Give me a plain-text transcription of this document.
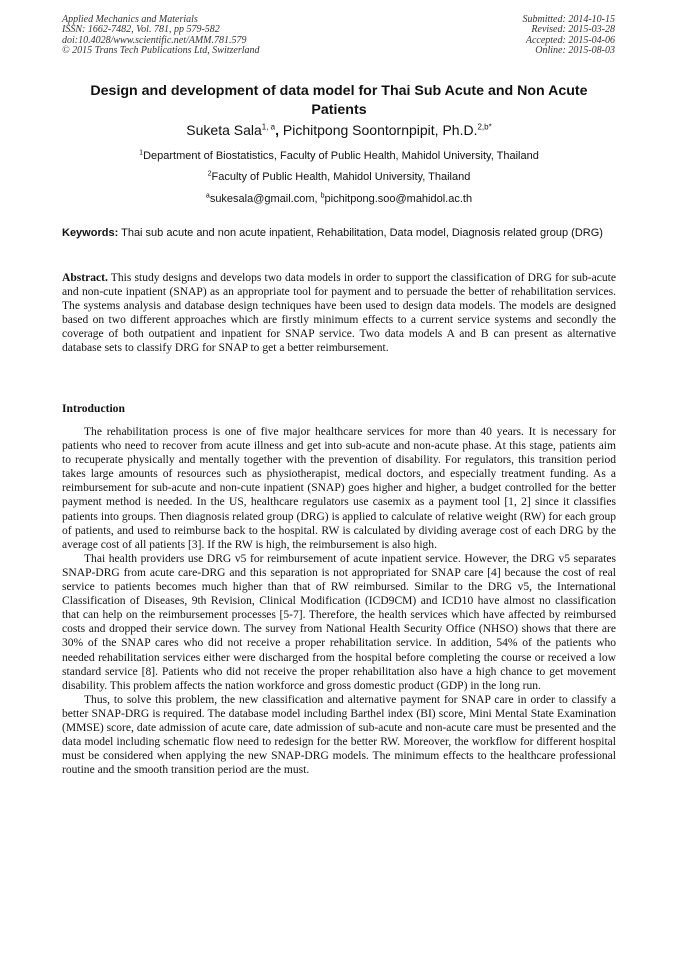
Applied Mechanics and Materials
ISSN: 1662-7482, Vol. 781, pp 579-582
doi:10.4028/www.scientific.net/AMM.781.579
© 2015 Trans Tech Publications Ltd, Switzerland
Submitted: 2014-10-15
Revised: 2015-03-28
Accepted: 2015-04-06
Online: 2015-08-03
Design and development of data model for Thai Sub Acute and Non Acute Patients
Suketa Sala$^{1, a}$, Pichitpong Soontornpipit, Ph.D.$^{2,b*}$
$^1$Department of Biostatistics, Faculty of Public Health, Mahidol University, Thailand
$^2$Faculty of Public Health, Mahidol University, Thailand
$^a$sukesala@gmail.com, $^b$pichitpong.soo@mahidol.ac.th
Keywords: Thai sub acute and non acute inpatient, Rehabilitation, Data model, Diagnosis related group (DRG)
Abstract. This study designs and develops two data models in order to support the classification of DRG for sub-acute and non-cute inpatient (SNAP) as an appropriate tool for payment and to persuade the better of rehabilitation services. The systems analysis and database design techniques have been used to design data models. The models are designed based on two different approaches which are firstly minimum effects to a current service systems and secondly the coverage of both outpatient and inpatient for SNAP service. Two data models A and B can present as alternative database sets to classify DRG for SNAP to get a better reimbursement.
Introduction

The rehabilitation process is one of five major healthcare services for more than 40 years. It is necessary for patients who need to recover from acute illness and get into sub-acute and non-acute phase. At this stage, patients aim to recuperate physically and mentally together with the prevention of disability. For regulators, this transition period takes large amounts of resources such as physiotherapist, medical doctors, and especially treatment funding. As a reimbursement for sub-acute and non-cute inpatient (SNAP) goes higher and higher, a budget controlled for the better payment method is needed. In the US, healthcare regulators use casemix as a payment tool [1, 2] since it classifies patients into groups. Then diagnosis related group (DRG) is applied to calculate of relative weight (RW) for each group of patients, and used to reimburse back to the hospital. RW is calculated by dividing average cost of each DRG by the average cost of all patients [3]. If the RW is high, the reimbursement is also high.

Thai health providers use DRG v5 for reimbursement of acute inpatient service. However, the DRG v5 separates SNAP-DRG from acute care-DRG and this separation is not appropriated for SNAP care [4] because the cost of real service to patients becomes much higher than that of RW reimbursed. Similar to the DRG v5, the International Classification of Diseases, 9th Revision, Clinical Modification (ICD9CM) and ICD10 have almost no classification that can help on the reimbursement processes [5-7]. Therefore, the health services which have affected by reimbursed costs and dropped their service down. The survey from National Health Security Office (NHSO) shows that there are 30% of the SNAP cares who did not receive a proper rehabilitation service. In addition, 54% of the patients who needed rehabilitation services either were discharged from the hospital before completing the course or received a low standard service [8]. Patients who did not receive the proper rehabilitation also have a high chance to get movement disability. This problem affects the nation workforce and gross domestic product (GDP) in the long run.

Thus, to solve this problem, the new classification and alternative payment for SNAP care in order to classify a better SNAP-DRG is required. The database model including Barthel index (BI) score, Mini Mental State Examination (MMSE) score, date admission of acute care, date admission of sub-acute and non-acute care must be presented and the data model including schematic flow need to redesign for the better RW. Moreover, the workflow for different hospital must be considered when applying the new SNAP-DRG models. The minimum effects to the healthcare professional routine and the smooth transition period are the must.
